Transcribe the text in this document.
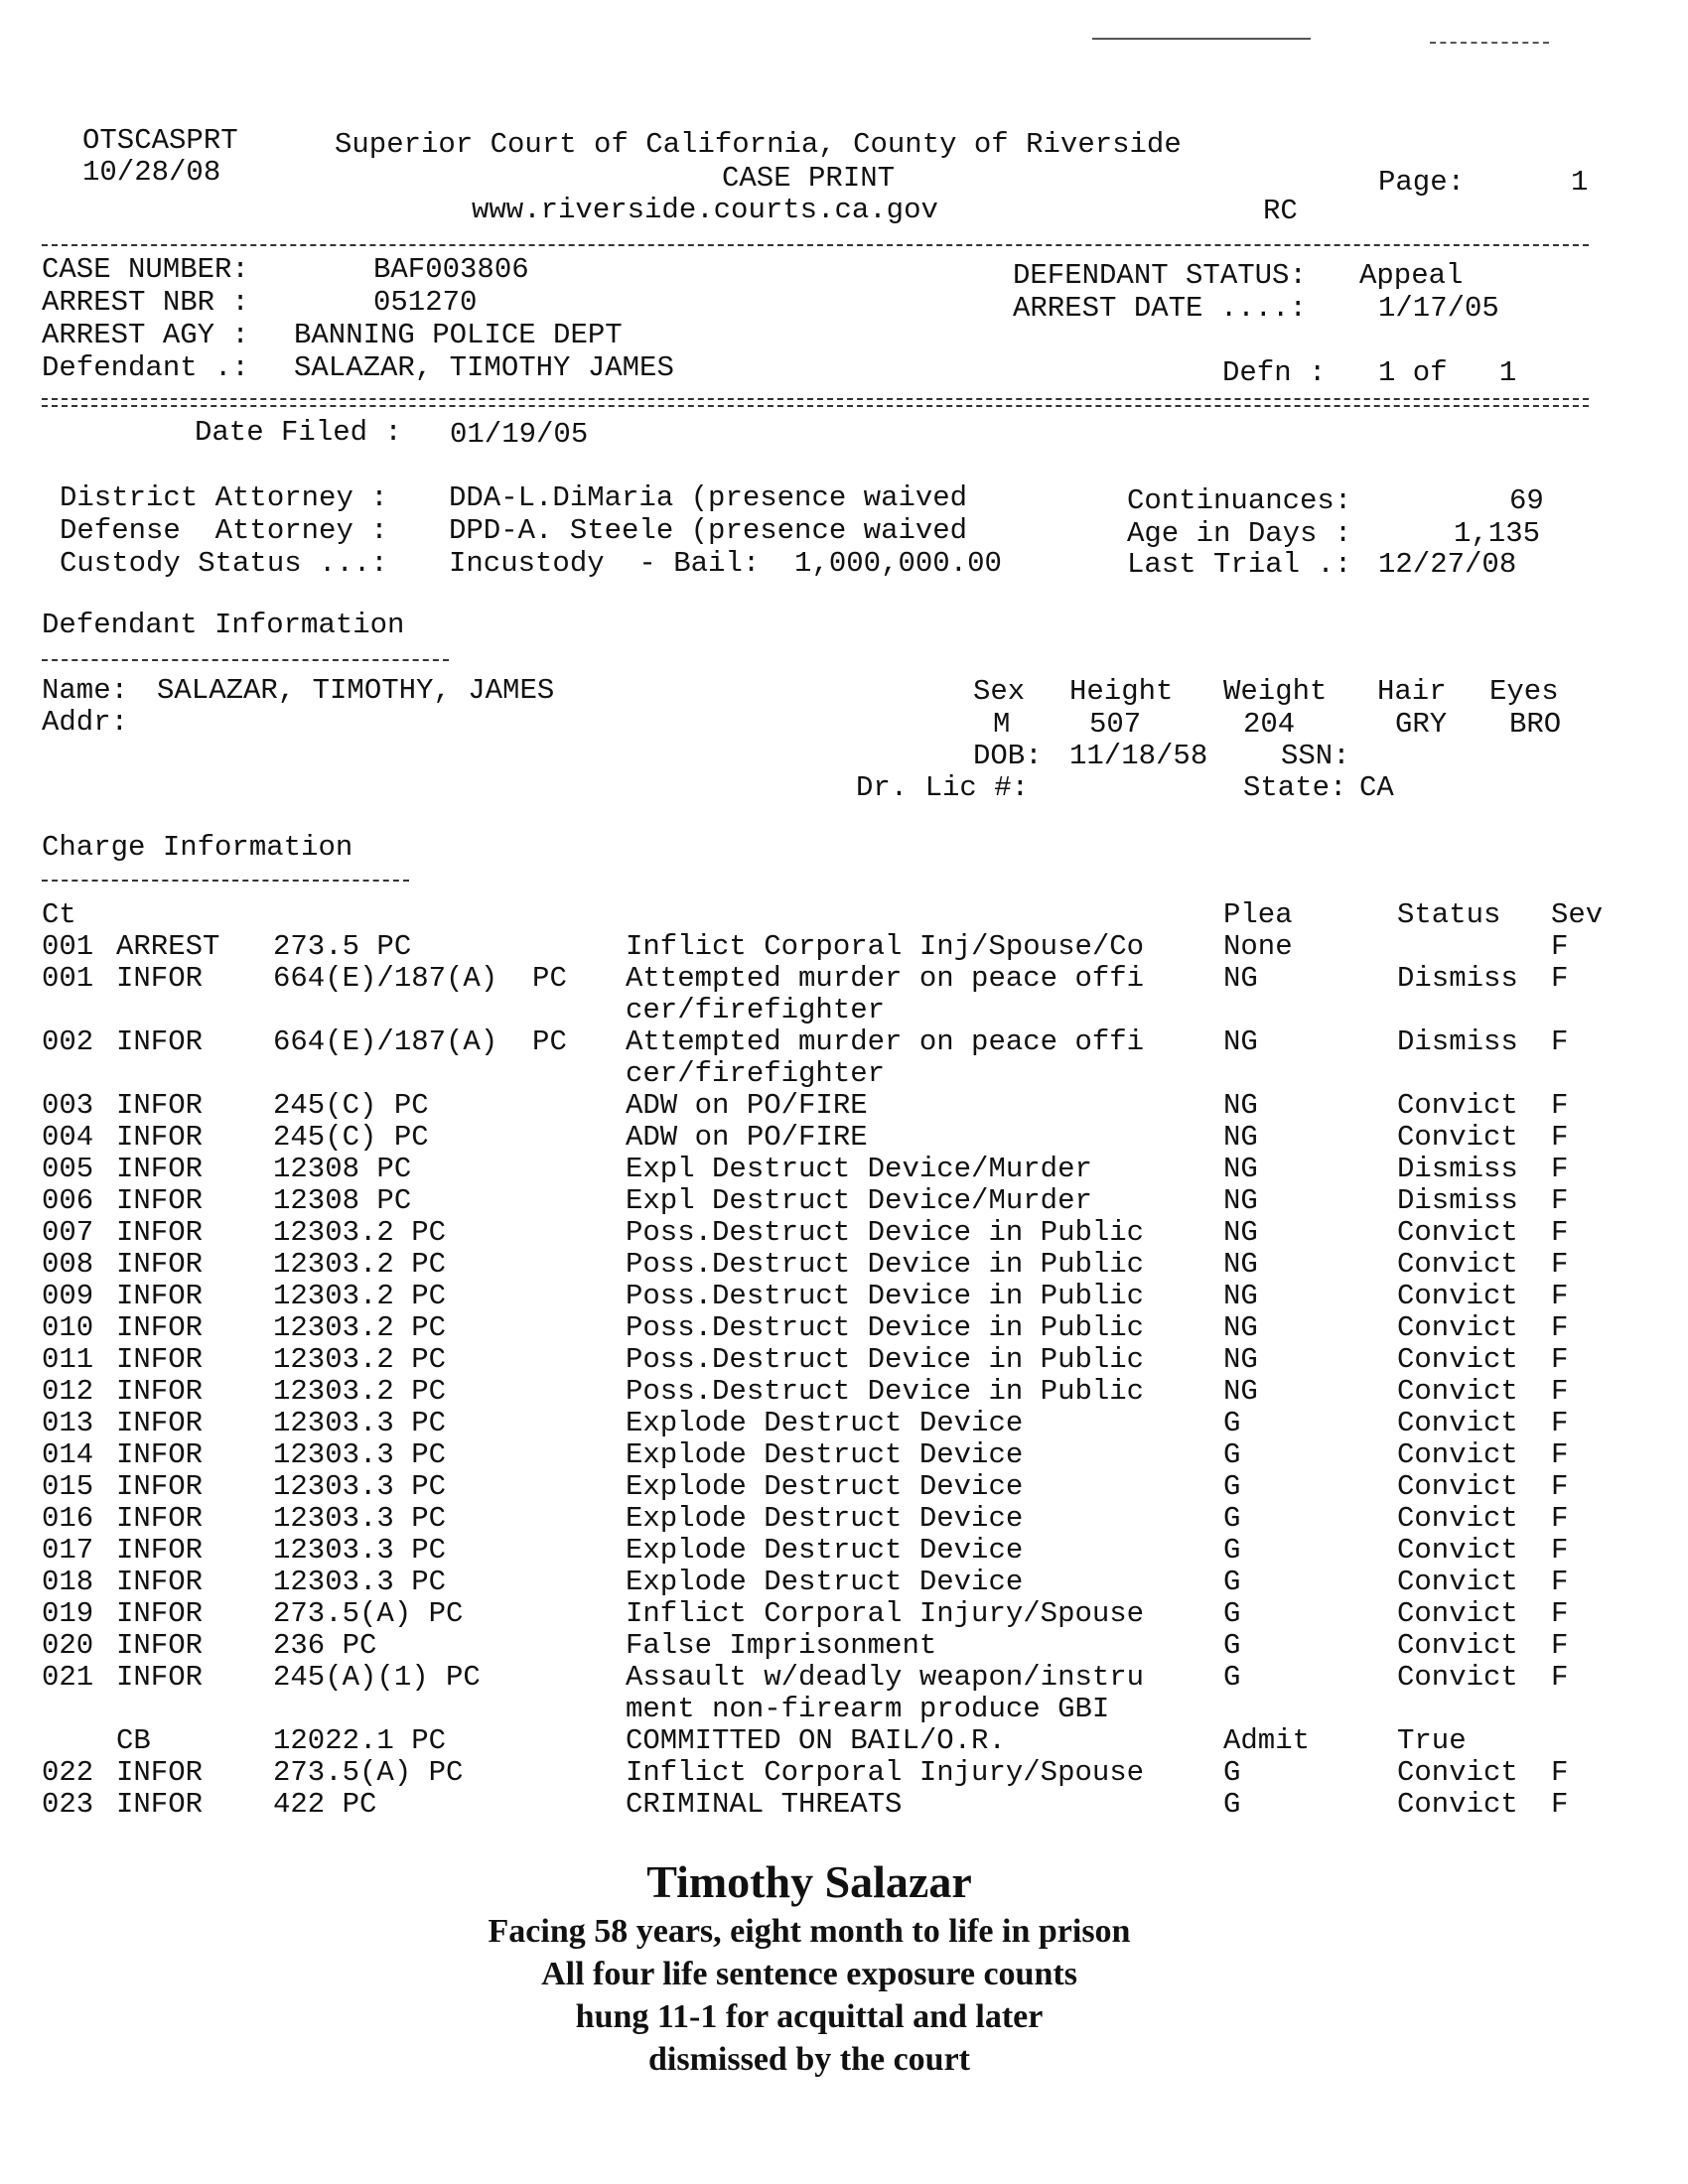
OTSCASPRT
10/28/08
Superior Court of California, County of Riverside
CASE PRINT
www.riverside.courts.ca.gov
Page:	1
RC
CASE NUMBER:	BAF003806
ARREST NBR :	051270
ARREST AGY : BANNING POLICE DEPT
Defendant .: SALAZAR, TIMOTHY JAMES
DEFENDANT STATUS: Appeal
ARREST DATE ....: 1/17/05
Defn : 1 of   1
Date Filed : 01/19/05
District Attorney : DDA-L.DiMaria (presence waived
Defense  Attorney : DPD-A. Steele (presence waived
Custody Status ...: Incustody  - Bail:  1,000,000.00
Continuances:	69
Age in Days :	1,135
Last Trial .: 12/27/08
Defendant Information
Name: SALAZAR, TIMOTHY, JAMES
Addr:
Sex Height Weight Hair Eyes
M	507	204	GRY BRO
DOB: 11/18/58	SSN:
Dr. Lic #:	State: CA
Charge Information
Ct				Plea	Status	Sev
001	ARREST	273.5 PC	Inflict Corporal Inj/Spouse/Co	None		F

001	INFOR	664(E)/187(A)  PC	Attempted murder on peace offi	NG	Dismiss	F
			cer/firefighter			
002	INFOR	664(E)/187(A)  PC	Attempted murder on peace offi	NG	Dismiss	F
			cer/firefighter			
003	INFOR	245(C) PC	ADW on PO/FIRE	NG	Convict	F
004	INFOR	245(C) PC	ADW on PO/FIRE	NG	Convict	F
005	INFOR	12308 PC	Expl Destruct Device/Murder	NG	Dismiss	F
006	INFOR	12308 PC	Expl Destruct Device/Murder	NG	Dismiss	F
007	INFOR	12303.2 PC	Poss.Destruct Device in Public	NG	Convict	F
008	INFOR	12303.2 PC	Poss.Destruct Device in Public	NG	Convict	F
009	INFOR	12303.2 PC	Poss.Destruct Device in Public	NG	Convict	F
010	INFOR	12303.2 PC	Poss.Destruct Device in Public	NG	Convict	F
011	INFOR	12303.2 PC	Poss.Destruct Device in Public	NG	Convict	F
012	INFOR	12303.2 PC	Poss.Destruct Device in Public	NG	Convict	F
013	INFOR	12303.3 PC	Explode Destruct Device	G	Convict	F
014	INFOR	12303.3 PC	Explode Destruct Device	G	Convict	F
015	INFOR	12303.3 PC	Explode Destruct Device	G	Convict	F
016	INFOR	12303.3 PC	Explode Destruct Device	G	Convict	F
017	INFOR	12303.3 PC	Explode Destruct Device	G	Convict	F
018	INFOR	12303.3 PC	Explode Destruct Device	G	Convict	F
019	INFOR	273.5(A) PC	Inflict Corporal Injury/Spouse	G	Convict	F
020	INFOR	236 PC	False Imprisonment	G	Convict	F
021	INFOR	245(A)(1) PC	Assault w/deadly weapon/instru	G	Convict	F
			ment non-firearm produce GBI			
	CB	12022.1 PC	COMMITTED ON BAIL/O.R.	Admit	True	
022	INFOR	273.5(A) PC	Inflict Corporal Injury/Spouse	G	Convict	F
023	INFOR	422 PC	CRIMINAL THREATS	G	Convict	F
Timothy Salazar
Facing 58 years, eight month to life in prison
All four life sentence exposure counts
hung 11-1 for acquittal and later
dismissed by the court
